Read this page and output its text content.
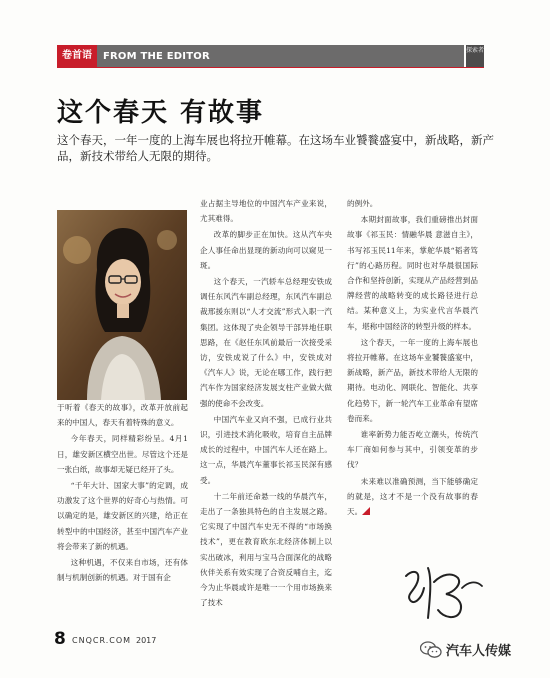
卷首语	FROM THE EDITOR	探索者
这个春天 有故事
这个春天，一年一度的上海车展也将拉开帷幕。在这场车业饕餮盛宴中，新战略，新产品，新技术带给人无限的期待。

于听着《春天的故事》，改革开放前起来的中国人，春天有着特殊的意义。

今年春天，同样精彩纷呈。4月1日，雄安新区横空出世。尽管这个还是一张白纸，故事却无疑已经开了头。

“千年大计、国家大事”的定调，成功激发了这个世界的好奇心与热情。可以确定的是，雄安新区的兴建，给正在转型中的中国经济，甚至中国汽车产业将会带来了新的机遇。

这种机遇，不仅来自市场，还有体制与机制创新的机遇。对于国有企

业占据主导地位的中国汽车产业来说，尤其难得。

改革的脚步正在加快。这从汽车央企人事任命出显现的新动向可以窥见一斑。

这个春天，一汽轿车总经理安铁成调任东风汽车副总经理，东风汽车副总裁邢援东则以“人才交流”形式入职一汽集团。这体现了央企领导干部异地任职思路，在《赵任东风前最后一次接受采访，安铁成说了什么》中，安铁成对《汽车人》说，无论在哪工作，践行把汽车作为国家经济发展支柱产业做大做强的使命不会改变。

中国汽车业又向不强，已成行业共识，引进技术消化吸收，培育自主品牌成长的过程中，中国汽车人还在路上。这一点，华晨汽车董事长祁玉民深有感受。

十二年前还命悬一线的华晨汽车，走出了一条独具特色的自主发展之路。它实现了中国汽车史无不得的“市场换技术”，更在教育欧东北经济体制上以实出破冰，利用与宝马合面深化的战略伙伴关系有效实现了合资反哺自主，迄今为止华晨或许是唯一一个用市场换来了技术

的例外。

本期封面故事，我们重磅推出封面故事《祁玉民：情融华晨 意滋自主》，书写祁玉民11年来，掌舵华晨“韬者笃行”的心路历程。同时也对华晨很国际合作和坚持创新，实现从产品经营到品牌经营的战略转变的成长路径进行总结。某种意义上，为实业代言华晨汽车，堪称中国经济的转型升级的样本。

这个春天，一年一度的上海车展也将拉开帷幕。在这场车业饕餮盛宴中，新战略，新产品，新技术带给人无限的期待。电动化、网联化、智能化、共享化趋势下，新一轮汽车工业革命有望席卷而来。

谁率新势力能否屹立潮头，传统汽车厂商如何参与其中，引领变革的步伐？

未来难以准确预测，当下能够确定的就是，这才不是一个没有故事的春天。

8 CNQCR.COM 2017
汽车人传媒
